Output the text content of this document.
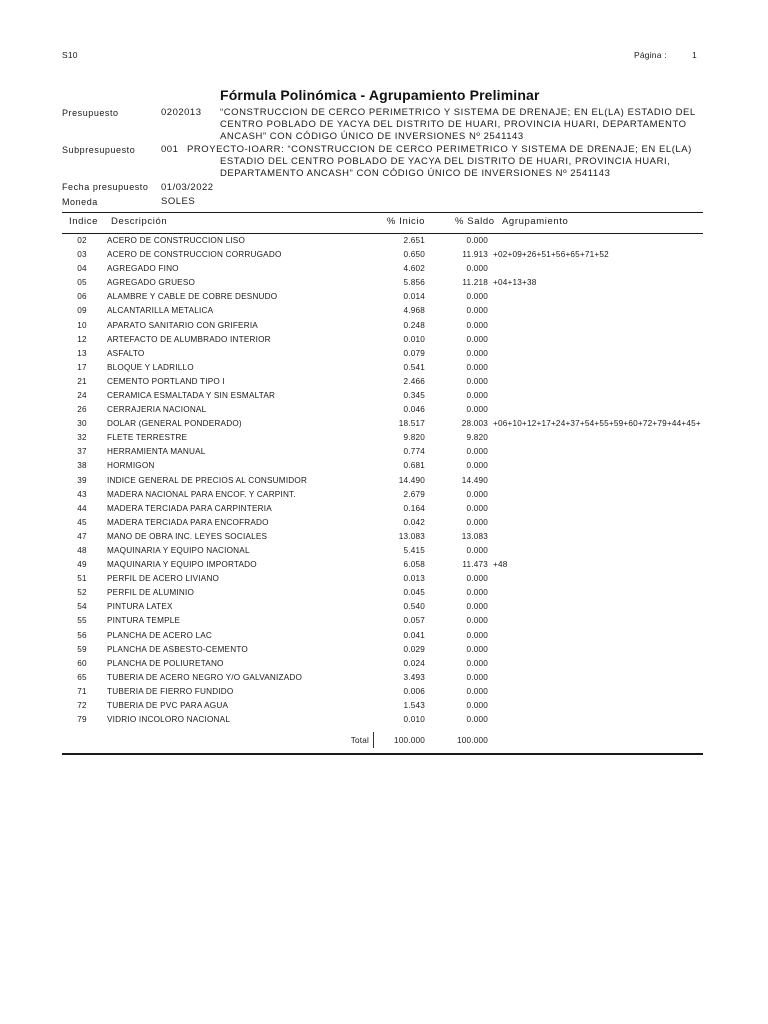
S10	Página :	1
Fórmula Polinómica - Agrupamiento Preliminar
Presupuesto	0202013 “CONSTRUCCION DE CERCO PERIMETRICO Y SISTEMA DE DRENAJE; EN EL(LA) ESTADIO DEL
CENTRO POBLADO DE YACYA DEL DISTRITO DE HUARI, PROVINCIA HUARI, DEPARTAMENTO
ANCASH” CON CÓDIGO ÚNICO DE INVERSIONES Nº 2541143
Subpresupuesto	001 PROYECTO-IOARR: “CONSTRUCCION DE CERCO PERIMETRICO Y SISTEMA DE DRENAJE; EN EL(LA)
ESTADIO DEL CENTRO POBLADO DE YACYA DEL DISTRITO DE HUARI, PROVINCIA HUARI,
DEPARTAMENTO ANCASH” CON CÓDIGO ÚNICO DE INVERSIONES Nº 2541143
Fecha presupuesto 01/03/2022
Moneda	SOLES
Indice Descripción	% Inicio	% Saldo Agrupamiento
02	ACERO DE CONSTRUCCION LISO	2.651	0.000
03	ACERO DE CONSTRUCCION CORRUGADO	0.650	11.913 +02+09+26+51+56+65+71+52
04	AGREGADO FINO	4.602	0.000
05	AGREGADO GRUESO	5.856	11.218 +04+13+38
06	ALAMBRE Y CABLE DE COBRE DESNUDO	0.014	0.000
09	ALCANTARILLA METALICA	4.968	0.000
10	APARATO SANITARIO CON GRIFERIA	0.248	0.000
12	ARTEFACTO DE ALUMBRADO INTERIOR	0.010	0.000
13	ASFALTO	0.079	0.000
17	BLOQUE Y LADRILLO	0.541	0.000
21	CEMENTO PORTLAND TIPO I	2.466	0.000
24	CERAMICA ESMALTADA Y SIN ESMALTAR	0.345	0.000
26	CERRAJERIA NACIONAL	0.046	0.000
30	DOLAR (GENERAL PONDERADO)	18.517	28.003 +06+10+12+17+24+37+54+55+59+60+72+79+44+45+
32	FLETE TERRESTRE	9.820	9.820
37	HERRAMIENTA MANUAL	0.774	0.000
38	HORMIGON	0.681	0.000
39	INDICE GENERAL DE PRECIOS AL CONSUMIDOR	14.490	14.490
43	MADERA NACIONAL PARA ENCOF. Y CARPINT.	2.679	0.000
44	MADERA TERCIADA PARA CARPINTERIA	0.164	0.000
45	MADERA TERCIADA PARA ENCOFRADO	0.042	0.000
47	MANO DE OBRA INC. LEYES SOCIALES	13.083	13.083
48	MAQUINARIA Y EQUIPO NACIONAL	5.415	0.000
49	MAQUINARIA Y EQUIPO IMPORTADO	6.058	11.473 +48
51	PERFIL DE ACERO LIVIANO	0.013	0.000
52	PERFIL DE ALUMINIO	0.045	0.000
54	PINTURA LATEX	0.540	0.000
55	PINTURA TEMPLE	0.057	0.000
56	PLANCHA DE ACERO LAC	0.041	0.000
59	PLANCHA DE ASBESTO-CEMENTO	0.029	0.000
60	PLANCHA DE POLIURETANO	0.024	0.000
65	TUBERIA DE ACERO NEGRO Y/O GALVANIZADO	3.493	0.000
71	TUBERIA DE FIERRO FUNDIDO	0.006	0.000
72	TUBERIA DE PVC PARA AGUA	1.543	0.000
79	VIDRIO INCOLORO NACIONAL	0.010	0.000
Total	100.000	100.000
